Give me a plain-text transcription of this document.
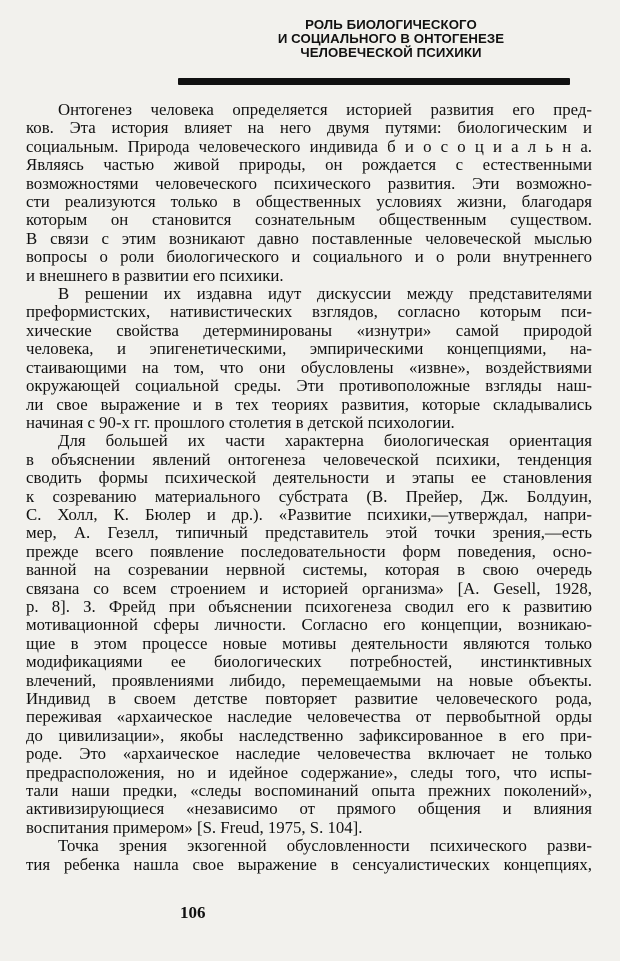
РОЛЬ БИОЛОГИЧЕСКОГО
И СОЦИАЛЬНОГО В ОНТОГЕНЕЗЕ
ЧЕЛОВЕЧЕСКОЙ ПСИХИКИ
Онтогенез человека определяется историей развития его пред-
ков. Эта история влияет на него двумя путями: биологическим и
социальным. Природа человеческого индивида б и о с о ц и а л ь н а.
Являясь частью живой природы, он рождается с естественными
возможностями человеческого психического развития. Эти возможно-
сти реализуются только в общественных условиях жизни, благодаря
которым он становится сознательным общественным существом.
В связи с этим возникают давно поставленные человеческой мыслью
вопросы о роли биологического и социального и о роли внутреннего
и внешнего в развитии его психики.
В решении их издавна идут дискуссии между представителями
преформистских, нативистических взглядов, согласно которым пси-
хические свойства детерминированы «изнутри» самой природой
человека, и эпигенетическими, эмпирическими концепциями, на-
стаивающими на том, что они обусловлены «извне», воздействиями
окружающей социальной среды. Эти противоположные взгляды наш-
ли свое выражение и в тех теориях развития, которые складывались
начиная с 90-х гг. прошлого столетия в детской психологии.
Для большей их части характерна биологическая ориентация
в объяснении явлений онтогенеза человеческой психики, тенденция
сводить формы психической деятельности и этапы ее становления
к созреванию материального субстрата (В. Прейер, Дж. Болдуин,
С. Холл, К. Бюлер и др.). «Развитие психики,—утверждал, напри-
мер, А. Гезелл, типичный представитель этой точки зрения,—есть
прежде всего появление последовательности форм поведения, осно-
ванной на созревании нервной системы, которая в свою очередь
связана со всем строением и историей организма» [A. Gesell, 1928,
p. 8]. З. Фрейд при объяснении психогенеза сводил его к развитию
мотивационной сферы личности. Согласно его концепции, возникаю-
щие в этом процессе новые мотивы деятельности являются только
модификациями ее биологических потребностей, инстинктивных
влечений, проявлениями либидо, перемещаемыми на новые объекты.
Индивид в своем детстве повторяет развитие человеческого рода,
переживая «архаическое наследие человечества от первобытной орды
до цивилизации», якобы наследственно зафиксированное в его при-
роде. Это «архаическое наследие человечества включает не только
предрасположения, но и идейное содержание», следы того, что испы-
тали наши предки, «следы воспоминаний опыта прежних поколений»,
активизирующиеся «независимо от прямого общения и влияния
воспитания примером» [S. Freud, 1975, S. 104].
Точка зрения экзогенной обусловленности психического разви-
тия ребенка нашла свое выражение в сенсуалистических концепциях,
106
